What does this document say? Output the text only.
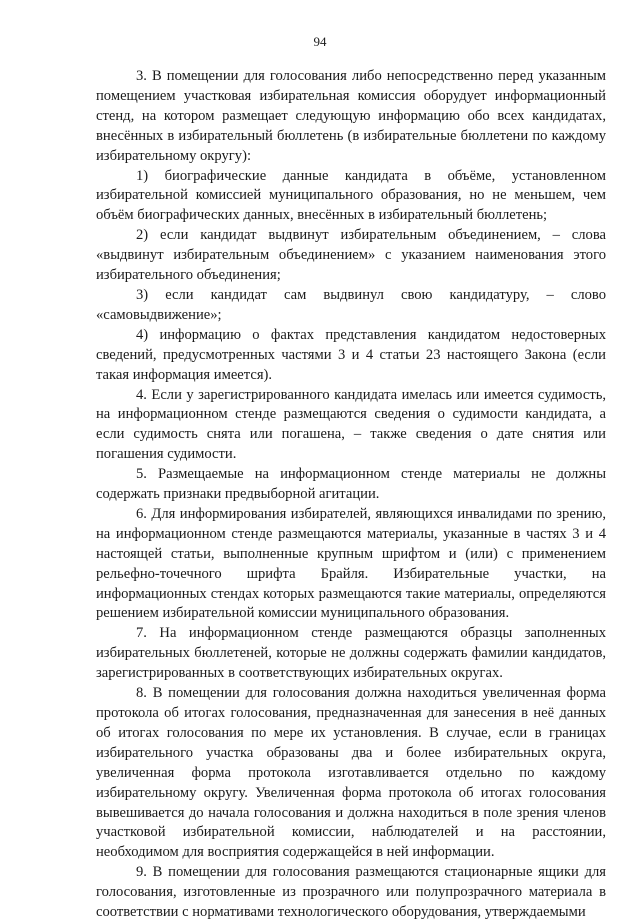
94

3. В помещении для голосования либо непосредственно перед указанным помещением участковая избирательная комиссия оборудует информационный стенд, на котором размещает следующую информацию обо всех кандидатах, внесённых в избирательный бюллетень (в избирательные бюллетени по каждому избирательному округу):

1) биографические данные кандидата в объёме, установленном избирательной комиссией муниципального образования, но не меньшем, чем объём биографических данных, внесённых в избирательный бюллетень;

2) если кандидат выдвинут избирательным объединением, – слова «выдвинут избирательным объединением» с указанием наименования этого избирательного объединения;

3) если кандидат сам выдвинул свою кандидатуру, – слово «самовыдвижение»;

4) информацию о фактах представления кандидатом недостоверных сведений, предусмотренных частями 3 и 4 статьи 23 настоящего Закона (если такая информация имеется).

4. Если у зарегистрированного кандидата имелась или имеется судимость, на информационном стенде размещаются сведения о судимости кандидата, а если судимость снята или погашена, – также сведения о дате снятия или погашения судимости.

5. Размещаемые на информационном стенде материалы не должны содержать признаки предвыборной агитации.

6. Для информирования избирателей, являющихся инвалидами по зрению, на информационном стенде размещаются материалы, указанные в частях 3 и 4 настоящей статьи, выполненные крупным шрифтом и (или) с применением рельефно-точечного шрифта Брайля. Избирательные участки, на информационных стендах которых размещаются такие материалы, определяются решением избирательной комиссии муниципального образования.

7. На информационном стенде размещаются образцы заполненных избирательных бюллетеней, которые не должны содержать фамилии кандидатов, зарегистрированных в соответствующих избирательных округах.

8. В помещении для голосования должна находиться увеличенная форма протокола об итогах голосования, предназначенная для занесения в неё данных об итогах голосования по мере их установления. В случае, если в границах избирательного участка образованы два и более избирательных округа, увеличенная форма протокола изготавливается отдельно по каждому избирательному округу. Увеличенная форма протокола об итогах голосования вывешивается до начала голосования и должна находиться в поле зрения членов участковой избирательной комиссии, наблюдателей и на расстоянии, необходимом для восприятия содержащейся в ней информации.

9. В помещении для голосования размещаются стационарные ящики для голосования, изготовленные из прозрачного или полупрозрачного материала в соответствии с нормативами технологического оборудования, утверждаемыми
